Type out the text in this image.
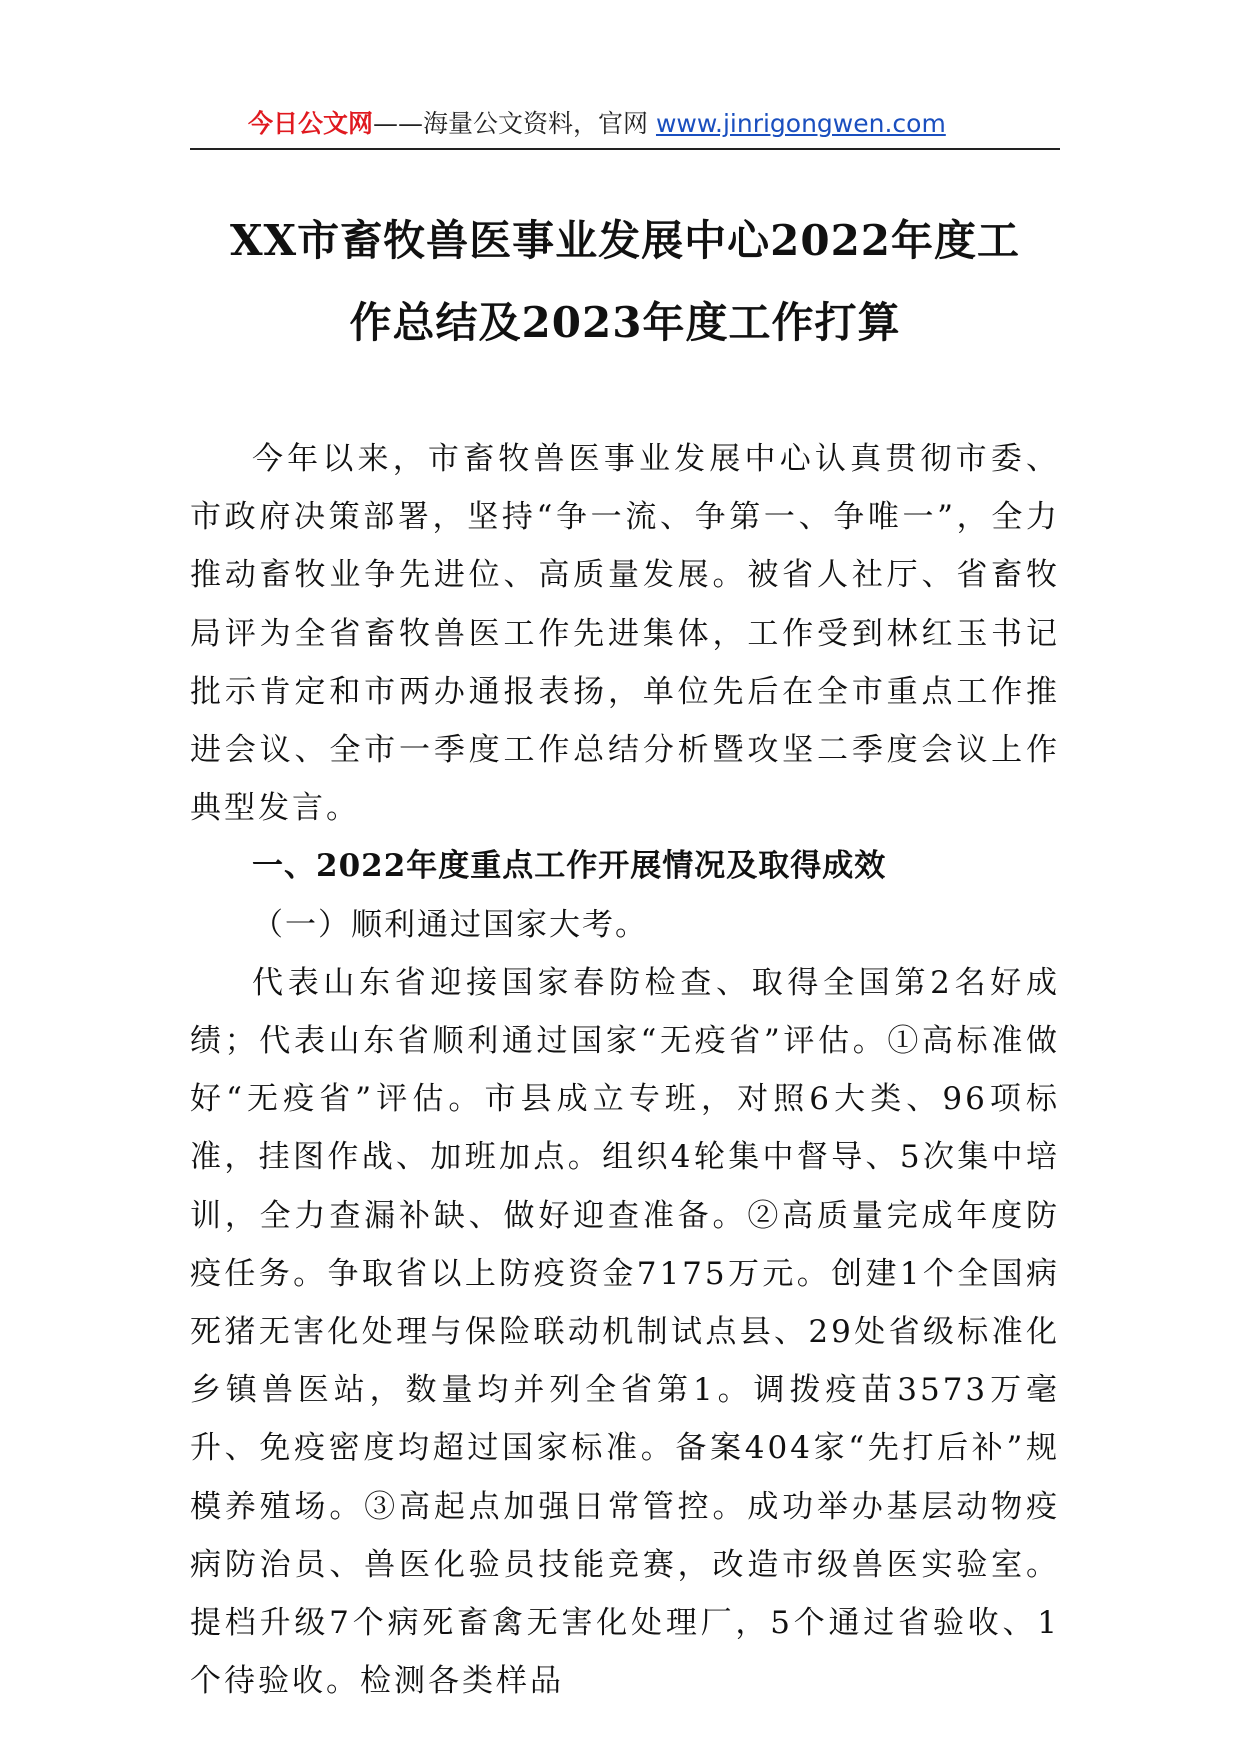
今日公文网——海量公文资料，官网 www.jinrigongwen.com
XX市畜牧兽医事业发展中心2022年度工
作总结及2023年度工作打算

今年以来，市畜牧兽医事业发展中心认真贯彻市委、市政府决策部署，坚持“争一流、争第一、争唯一”，全力推动畜牧业争先进位、高质量发展。被省人社厅、省畜牧局评为全省畜牧兽医工作先进集体，工作受到林红玉书记批示肯定和市两办通报表扬，单位先后在全市重点工作推进会议、全市一季度工作总结分析暨攻坚二季度会议上作典型发言。

一、2022年度重点工作开展情况及取得成效

（一）顺利通过国家大考。

代表山东省迎接国家春防检查、取得全国第2名好成绩；代表山东省顺利通过国家“无疫省”评估。①高标准做好“无疫省”评估。市县成立专班，对照6大类、96项标准，挂图作战、加班加点。组织4轮集中督导、5次集中培训，全力查漏补缺、做好迎查准备。②高质量完成年度防疫任务。争取省以上防疫资金7175万元。创建1个全国病死猪无害化处理与保险联动机制试点县、29处省级标准化乡镇兽医站，数量均并列全省第1。调拨疫苗3573万毫升、免疫密度均超过国家标准。备案404家“先打后补”规模养殖场。③高起点加强日常管控。成功举办基层动物疫病防治员、兽医化验员技能竞赛，改造市级兽医实验室。提档升级7个病死畜禽无害化处理厂，5个通过省验收、1个待验收。检测各类样品
